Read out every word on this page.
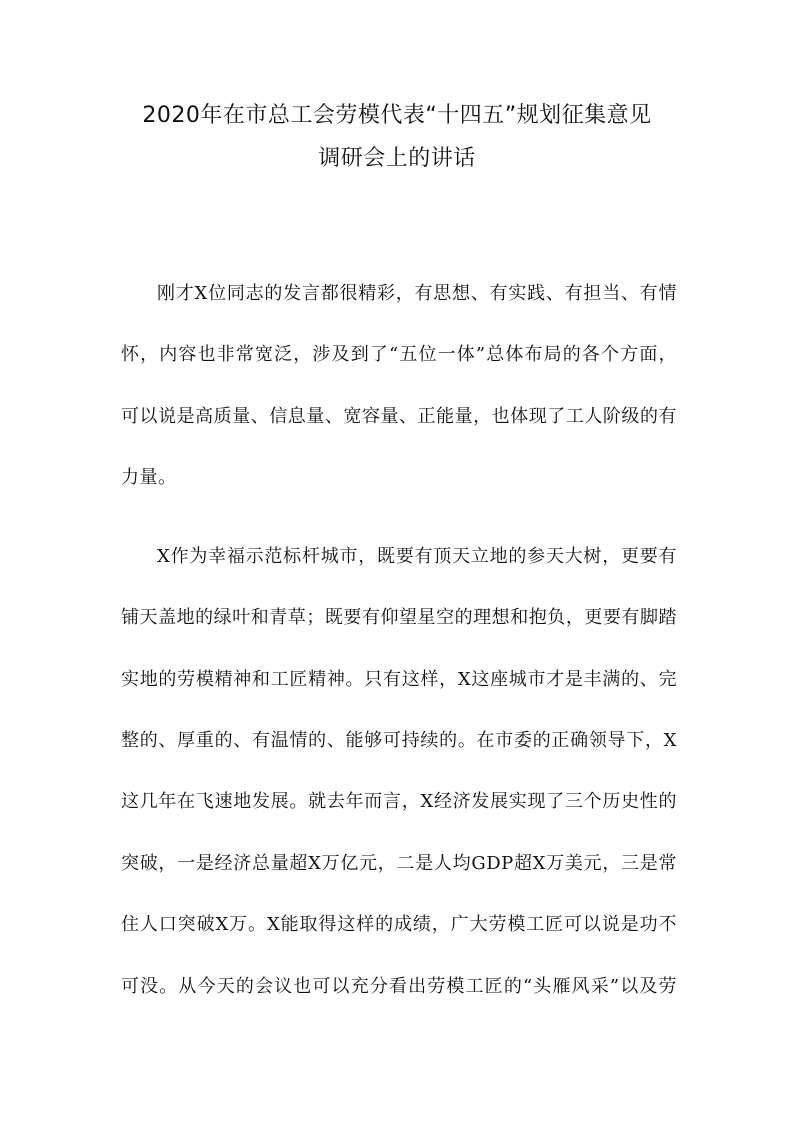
2020年在市总工会劳模代表“十四五”规划征集意见
调研会上的讲话
刚才X位同志的发言都很精彩，有思想、有实践、有担当、有情
怀，内容也非常宽泛，涉及到了“五位一体”总体布局的各个方面，
可以说是高质量、信息量、宽容量、正能量，也体现了工人阶级的有
力量。
X作为幸福示范标杆城市，既要有顶天立地的参天大树，更要有
铺天盖地的绿叶和青草；既要有仰望星空的理想和抱负，更要有脚踏
实地的劳模精神和工匠精神。只有这样，X这座城市才是丰满的、完
整的、厚重的、有温情的、能够可持续的。在市委的正确领导下，X
这几年在飞速地发展。就去年而言，X经济发展实现了三个历史性的
突破，一是经济总量超X万亿元，二是人均GDP超X万美元，三是常
住人口突破X万。X能取得这样的成绩，广大劳模工匠可以说是功不
可没。从今天的会议也可以充分看出劳模工匠的“头雁风采”以及劳
